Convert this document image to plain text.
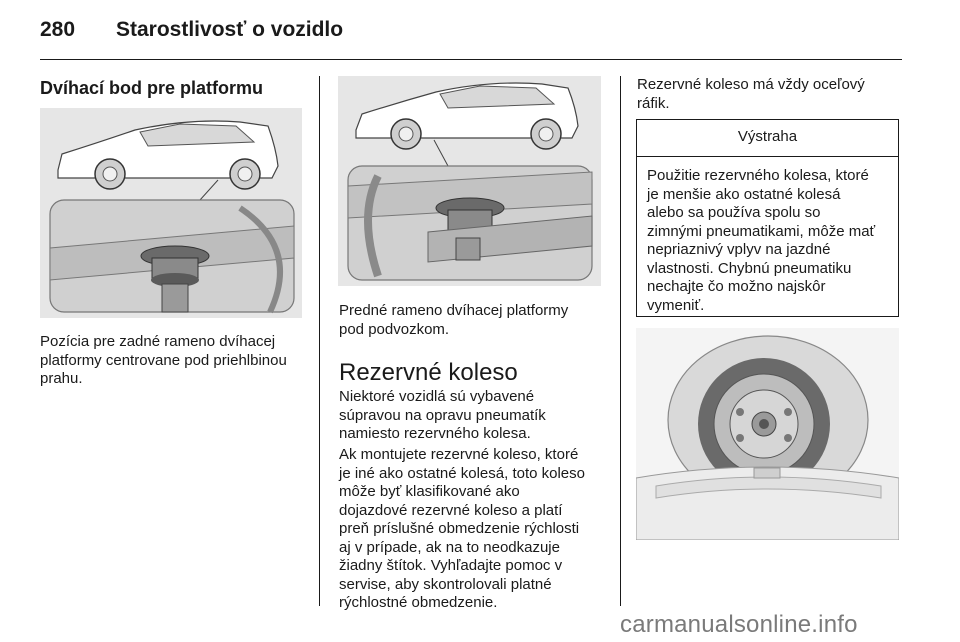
280 Starostlivosť o vozidlo
Dvíhací bod pre platformu
Pozícia pre zadné rameno dvíhacej
platformy centrovane pod priehlbinou
prahu.
Predné rameno dvíhacej platformy
pod podvozkom.
Rezervné koleso
Niektoré vozidlá sú vybavené
súpravou na opravu pneumatík
namiesto rezervného kolesa.
Ak montujete rezervné koleso, ktoré
je iné ako ostatné kolesá, toto koleso
môže byť klasifikované ako
dojazdové rezervné koleso a platí
preň príslušné obmedzenie rýchlosti
aj v prípade, ak na to neodkazuje
žiadny štítok. Vyhľadajte pomoc v
servise, aby skontrolovali platné
rýchlostné obmedzenie.
Rezervné koleso má vždy oceľový
ráfik.
Výstraha
Použitie rezervného kolesa, ktoré
je menšie ako ostatné kolesá
alebo sa používa spolu so
zimnými pneumatikami, môže mať
nepriaznivý vplyv na jazdné
vlastnosti. Chybnú pneumatiku
nechajte čo možno najskôr
vymeniť.
carmanualsonline.info
